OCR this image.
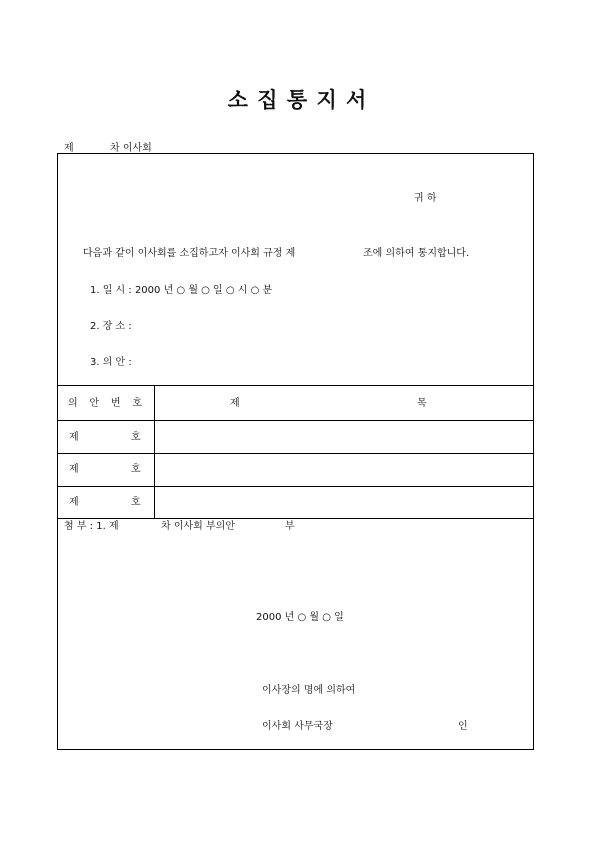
소 집 통 지 서
제	차 이사회
귀 하
다음과 같이 이사회를 소집하고자 이사회 규정 제	조에 의하여 통지합니다.
1. 일 시 : 2000 년 ○ 월 ○ 일 ○ 시 ○ 분
2. 장 소 :
3. 의 안 :
의 안 번 호	제	목
제	호
제	호
제	호
첨 부 : 1. 제	차 이사회 부의안	부
2000 년 ○ 월 ○ 일
이사장의 명에 의하여
이사회 사무국장	인
